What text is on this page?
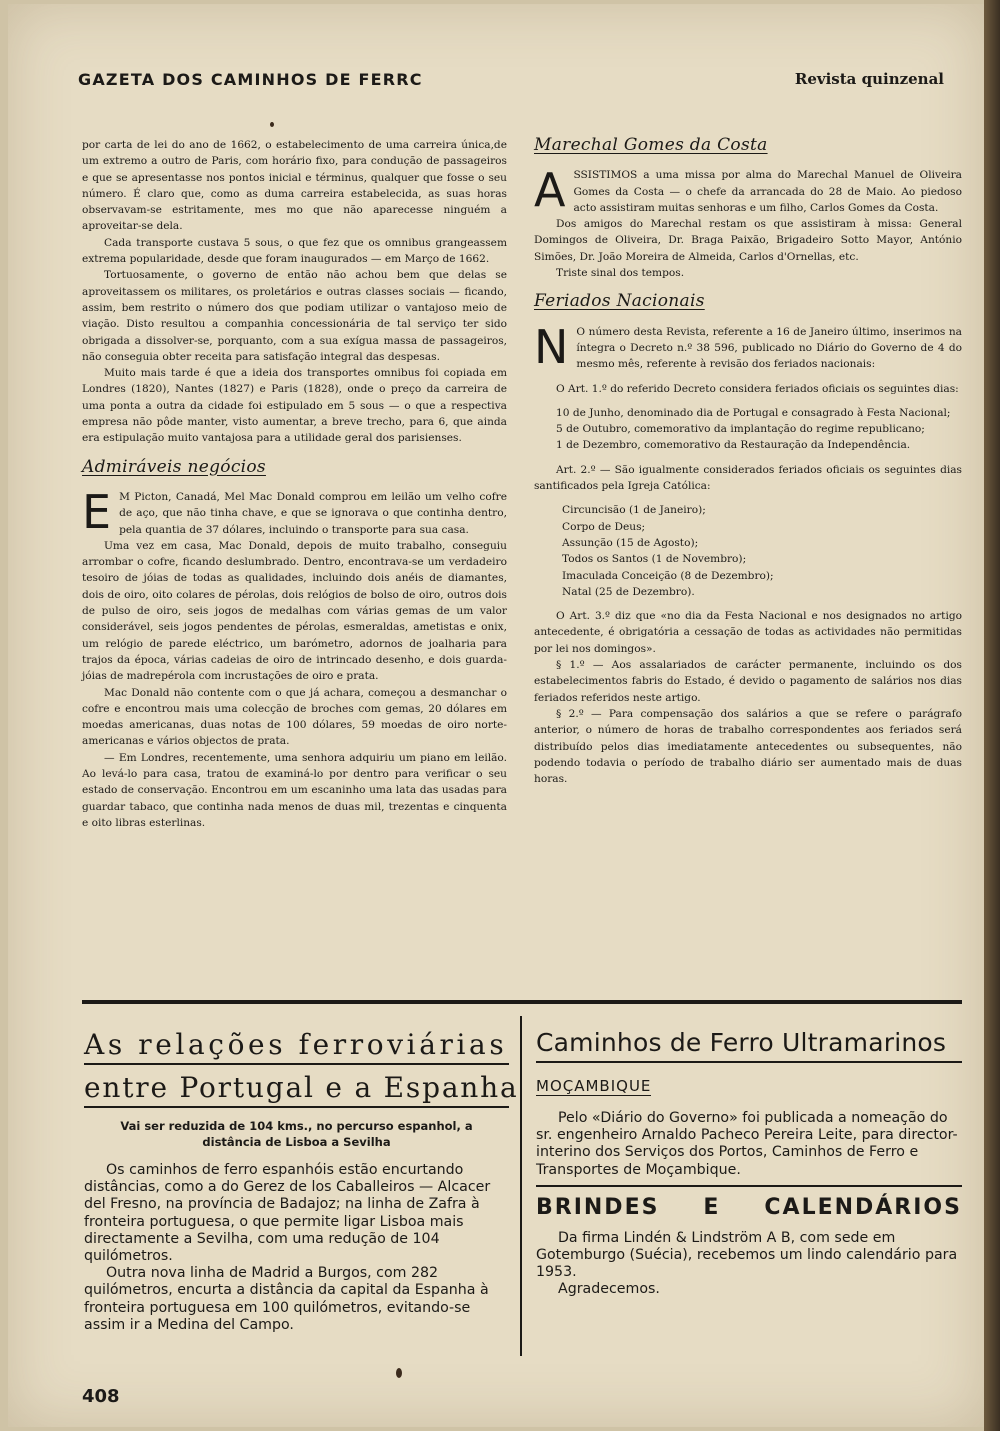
GAZETA DOS CAMINHOS DE FERRC	Revista quinzenal

por carta de lei do ano de 1662, o estabelecimento de uma carreira única,de um extremo a outro de Paris, com horário fixo, para condução de passageiros e que se apresentasse nos pontos inicial e términus, qualquer que fosse o seu número. É claro que, como as duma carreira estabelecida, as suas horas observavam-se estritamente, mes mo que não aparecesse ninguém a aproveitar-se dela.

Cada transporte custava 5 sous, o que fez que os omnibus grangeassem extrema popularidade, desde que foram inaugurados — em Março de 1662.

Tortuosamente, o governo de então não achou bem que delas se aproveitassem os militares, os proletários e outras classes sociais — ficando, assim, bem restrito o número dos que podiam utilizar o vantajoso meio de viação. Disto resultou a companhia concessionária de tal serviço ter sido obrigada a dissolver-se, porquanto, com a sua exígua massa de passageiros, não conseguia obter receita para satisfação integral das despesas.

Muito mais tarde é que a ideia dos transportes omnibus foi copiada em Londres (1820), Nantes (1827) e Paris (1828), onde o preço da carreira de uma ponta a outra da cidade foi estipulado em 5 sous — o que a respectiva empresa não pôde manter, visto aumentar, a breve trecho, para 6, que ainda era estipulação muito vantajosa para a utilidade geral dos parisienses.

Admiráveis negócios

E M Picton, Canadá, Mel Mac Donald comprou em leilão um velho cofre de aço, que não tinha chave, e que se ignorava o que continha dentro, pela quantia de 37 dólares, incluindo o transporte para sua casa.

Uma vez em casa, Mac Donald, depois de muito trabalho, conseguiu arrombar o cofre, ficando deslumbrado. Dentro, encontrava-se um verdadeiro tesoiro de jóias de todas as qualidades, incluindo dois anéis de diamantes, dois de oiro, oito colares de pérolas, dois relógios de bolso de oiro, outros dois de pulso de oiro, seis jogos de medalhas com várias gemas de um valor considerável, seis jogos pendentes de pérolas, esmeraldas, ametistas e onix, um relógio de parede eléctrico, um barómetro, adornos de joalharia para trajos da época, várias cadeias de oiro de intrincado desenho, e dois guarda-jóias de madrepérola com incrustações de oiro e prata.

Mac Donald não contente com o que já achara, começou a desmanchar o cofre e encontrou mais uma colecção de broches com gemas, 20 dólares em moedas americanas, duas notas de 100 dólares, 59 moedas de oiro norte-americanas e vários objectos de prata.

— Em Londres, recentemente, uma senhora adquiriu um piano em leilão. Ao levá-lo para casa, tratou de examiná-lo por dentro para verificar o seu estado de conservação. Encontrou em um escaninho uma lata das usadas para guardar tabaco, que continha nada menos de duas mil, trezentas e cinquenta e oito libras esterlinas.

Marechal Gomes da Costa

ASSISTIMOS a uma missa por alma do Marechal Manuel de Oliveira Gomes da Costa — o chefe da arrancada do 28 de Maio. Ao piedoso acto assistiram muitas senhoras e um filho, Carlos Gomes da Costa.

Dos amigos do Marechal restam os que assistiram à missa: General Domingos de Oliveira, Dr. Braga Paixão, Brigadeiro Sotto Mayor, António Simões, Dr. João Moreira de Almeida, Carlos d'Ornellas, etc.

Triste sinal dos tempos.

Feriados Nacionais

N O número desta Revista, referente a 16 de Janeiro último, inserimos na íntegra o Decreto n.º 38 596, publicado no Diário do Governo de 4 do mesmo mês, referente à revisão dos feriados nacionais:

O Art. 1.º do referido Decreto considera feriados oficiais os seguintes dias:

10 de Junho, denominado dia de Portugal e consagrado à Festa Nacional;

5 de Outubro, comemorativo da implantação do regime republicano;

1 de Dezembro, comemorativo da Restauração da Independência.

Art. 2.º — São igualmente considerados feriados oficiais os seguintes dias santificados pela Igreja Católica:

Circuncisão (1 de Janeiro);

Corpo de Deus;

Assunção (15 de Agosto);

Todos os Santos (1 de Novembro);

Imaculada Conceição (8 de Dezembro);

Natal (25 de Dezembro).

O Art. 3.º diz que «no dia da Festa Nacional e nos designados no artigo antecedente, é obrigatória a cessação de todas as actividades não permitidas por lei nos domingos».

§ 1.º — Aos assalariados de carácter permanente, incluindo os dos estabelecimentos fabris do Estado, é devido o pagamento de salários nos dias feriados referidos neste artigo.

§ 2.º — Para compensação dos salários a que se refere o parágrafo anterior, o número de horas de trabalho correspondentes aos feriados será distribuído pelos dias imediatamente antecedentes ou subsequentes, não podendo todavia o período de trabalho diário ser aumentado mais de duas horas.

As relações ferroviárias
entre Portugal e a Espanha
Vai ser reduzida de 104 kms., no percurso espanhol, a distância de Lisboa a Sevilha

Os caminhos de ferro espanhóis estão encurtando distâncias, como a do Gerez de los Caballeiros — Alcacer del Fresno, na província de Badajoz; na linha de Zafra à fronteira portuguesa, o que permite ligar Lisboa mais directamente a Sevilha, com uma redução de 104 quilómetros.

Outra nova linha de Madrid a Burgos, com 282 quilómetros, encurta a distância da capital da Espanha à fronteira portuguesa em 100 quilómetros, evitando-se assim ir a Medina del Campo.

Caminhos de Ferro Ultramarinos
MOÇAMBIQUE

Pelo «Diário do Governo» foi publicada a nomeação do sr. engenheiro Arnaldo Pacheco Pereira Leite, para director-interino dos Serviços dos Portos, Caminhos de Ferro e Transportes de Moçambique.

BRINDES E CALENDÁRIOS

Da firma Lindén & Lindström A B, com sede em Gotemburgo (Suécia), recebemos um lindo calendário para 1953.

Agradecemos.

408
